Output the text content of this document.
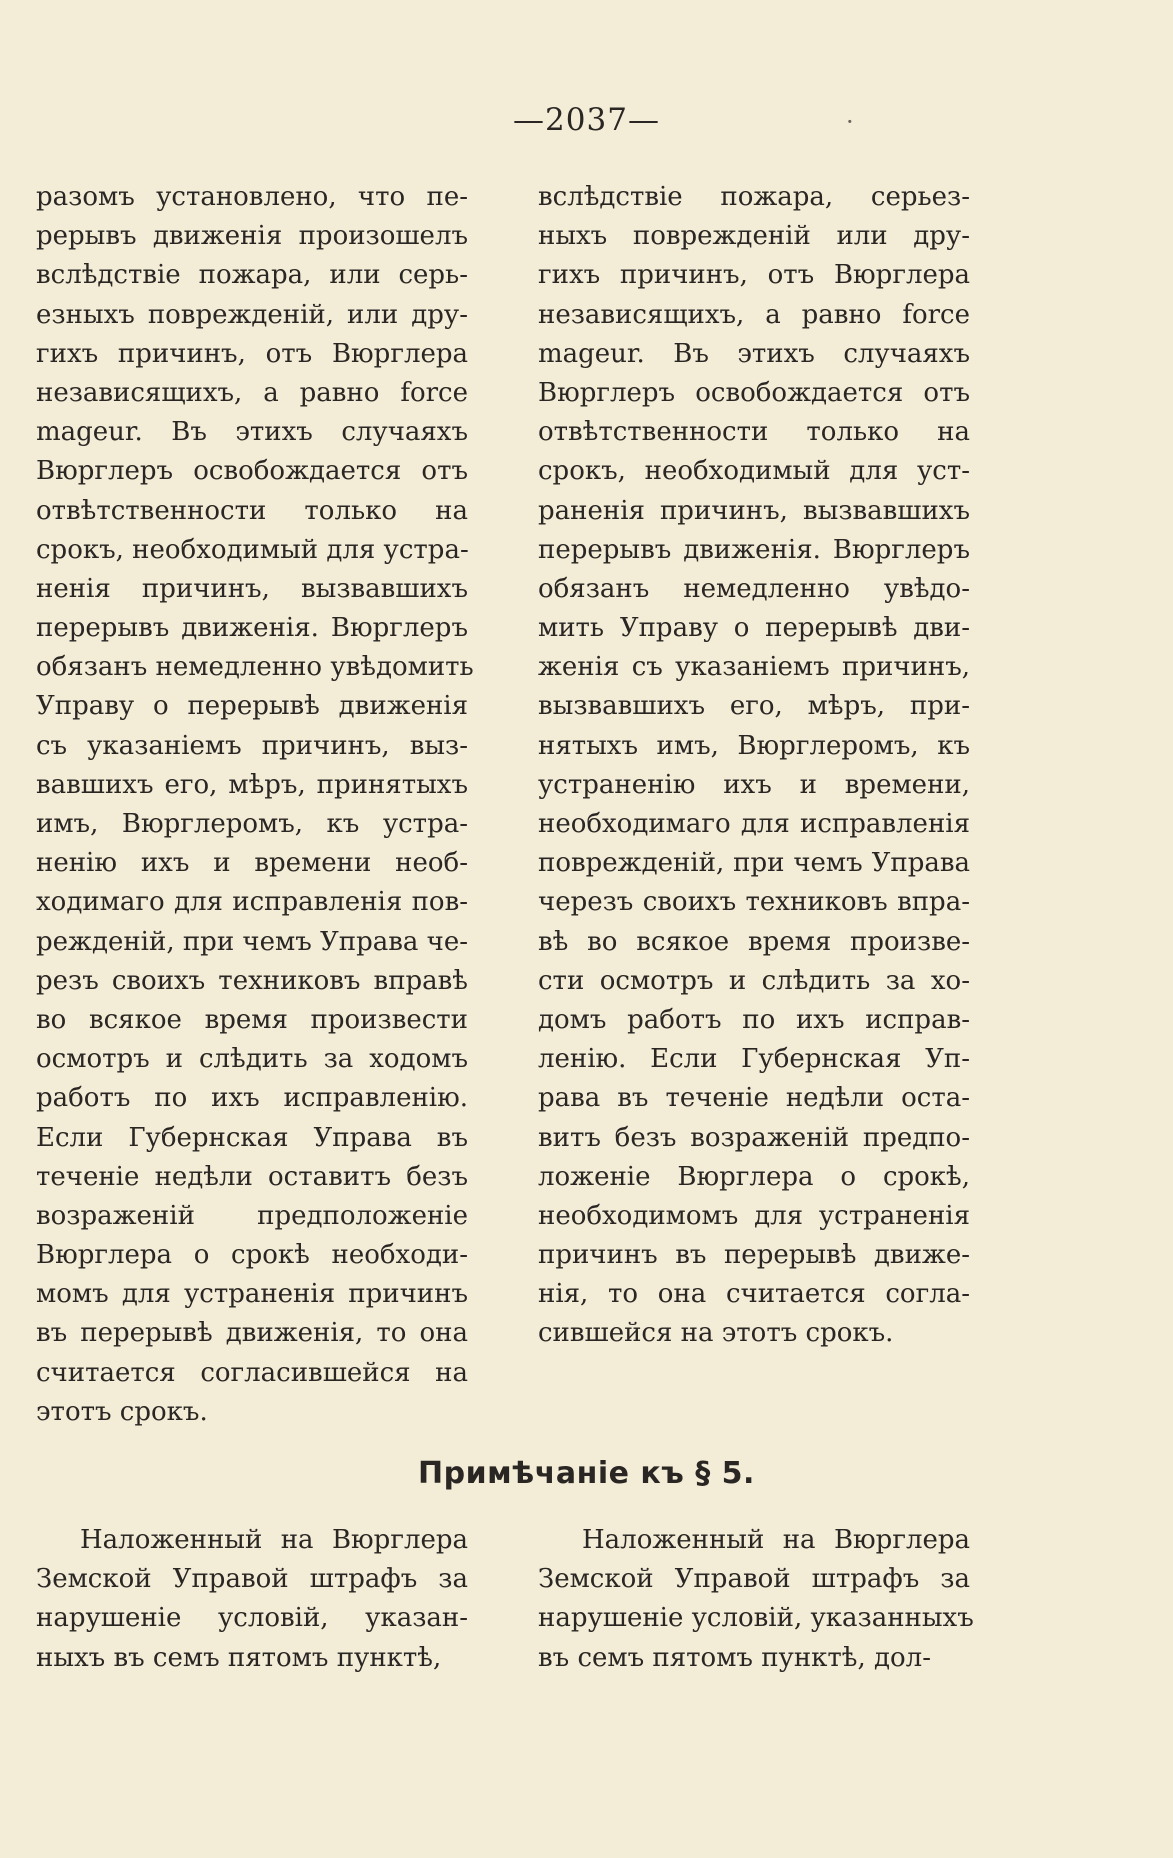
—2037—	·
разомъ установлено, что пе-
рерывъ движенія произошелъ
вслѣдствіе пожара, или серь-
езныхъ поврежденій, или дру-
гихъ причинъ, отъ Вюрглера
независящихъ, а равно force
mageur. Въ этихъ случаяхъ
Вюрглеръ освобождается отъ
отвѣтственности только на
срокъ, необходимый для устра-
ненія причинъ, вызвавшихъ
перерывъ движенія. Вюрглеръ
обязанъ немедленно увѣдомить
Управу о перерывѣ движенія
съ указаніемъ причинъ, выз-
вавшихъ его, мѣръ, принятыхъ
имъ, Вюрглеромъ, къ устра-
ненію ихъ и времени необ-
ходимаго для исправленія пов-
режденій, при чемъ Управа че-
резъ своихъ техниковъ вправѣ
во всякое время произвести
осмотръ и слѣдить за ходомъ
работъ по ихъ исправленію.
Если Губернская Управа въ
теченіе недѣли оставитъ безъ
возраженій предположеніе
Вюрглера о срокѣ необходи-
момъ для устраненія причинъ
въ перерывѣ движенія, то она
считается согласившейся на
этотъ срокъ.
вслѣдствіе пожара, серьез-
ныхъ поврежденій или дру-
гихъ причинъ, отъ Вюрглера
независящихъ, а равно force
mageur. Въ этихъ случаяхъ
Вюрглеръ освобождается отъ
отвѣтственности только на
срокъ, необходимый для уст-
раненія причинъ, вызвавшихъ
перерывъ движенія. Вюрглеръ
обязанъ немедленно увѣдо-
мить Управу о перерывѣ дви-
женія съ указаніемъ причинъ,
вызвавшихъ его, мѣръ, при-
нятыхъ имъ, Вюрглеромъ, къ
устраненію ихъ и времени,
необходимаго для исправленія
поврежденій, при чемъ Управа
черезъ своихъ техниковъ впра-
вѣ во всякое время произве-
сти осмотръ и слѣдить за хо-
домъ работъ по ихъ исправ-
ленію. Если Губернская Уп-
рава въ теченіе недѣли оста-
витъ безъ возраженій предпо-
ложеніе Вюрглера о срокѣ,
необходимомъ для устраненія
причинъ въ перерывѣ движе-
нія, то она считается согла-
сившейся на этотъ срокъ.
Примѣчаніе къ § 5.
Наложенный на Вюрглера
Земской Управой штрафъ за
нарушеніе условій, указан-
ныхъ въ семъ пятомъ пунктѣ,
Наложенный на Вюрглера
Земской Управой штрафъ за
нарушеніе условій, указанныхъ
въ семъ пятомъ пунктѣ, дол-
